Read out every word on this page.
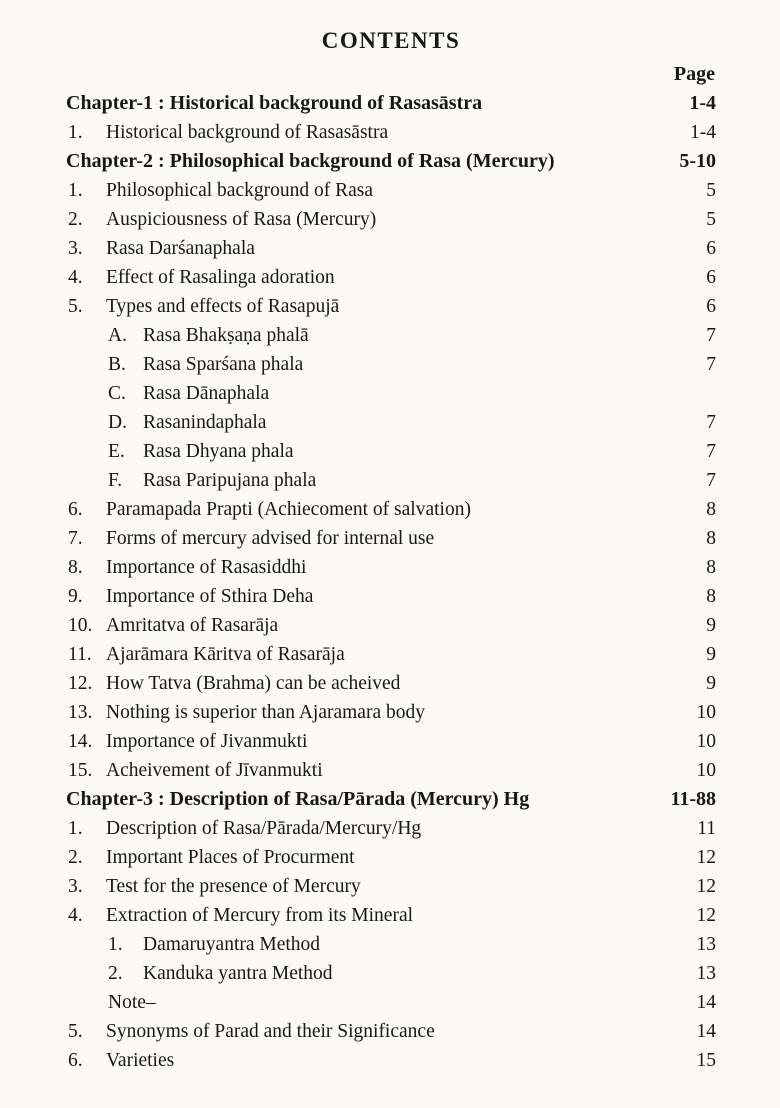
CONTENTS
Page
Chapter-1 : Historical background of Rasasāstra	1-4
1.	Historical background of Rasasāstra	1-4
Chapter-2 : Philosophical background of Rasa (Mercury)	5-10
1.	Philosophical background of Rasa	5
2.	Auspiciousness of Rasa (Mercury)	5
3.	Rasa Darśanaphala	6
4.	Effect of Rasalinga adoration	6
5.	Types and effects of Rasapujā	6
A. Rasa Bhakṣaṇa phalā	7
B. Rasa Sparśana phala	7
C. Rasa Dānaphala
D. Rasanindaphala	7
E. Rasa Dhyana phala	7
F.	Rasa Paripujana phala	7
6.	Paramapada Prapti (Achiecoment of salvation)	8
7.	Forms of mercury advised for internal use	8
8.	Importance of Rasasiddhi	8
9.	Importance of Sthira Deha	8
10. Amritatva of Rasarāja	9
11. Ajarāmara Kāritva of Rasarāja	9
12. How Tatva (Brahma) can be acheived	9
13. Nothing is superior than Ajaramara body	10
14. Importance of Jivanmukti	10
15. Acheivement of Jīvanmukti	10
Chapter-3 : Description of Rasa/Pārada (Mercury) Hg	11-88
1.	Description of Rasa/Pārada/Mercury/Hg	11
2.	Important Places of Procurment	12
3.	Test for the presence of Mercury	12
4.	Extraction of Mercury from its Mineral	12
1.	Damaruyantra Method	13
2.	Kanduka yantra Method	13
Note–	14
5.	Synonyms of Parad and their Significance	14
6.	Varieties	15
